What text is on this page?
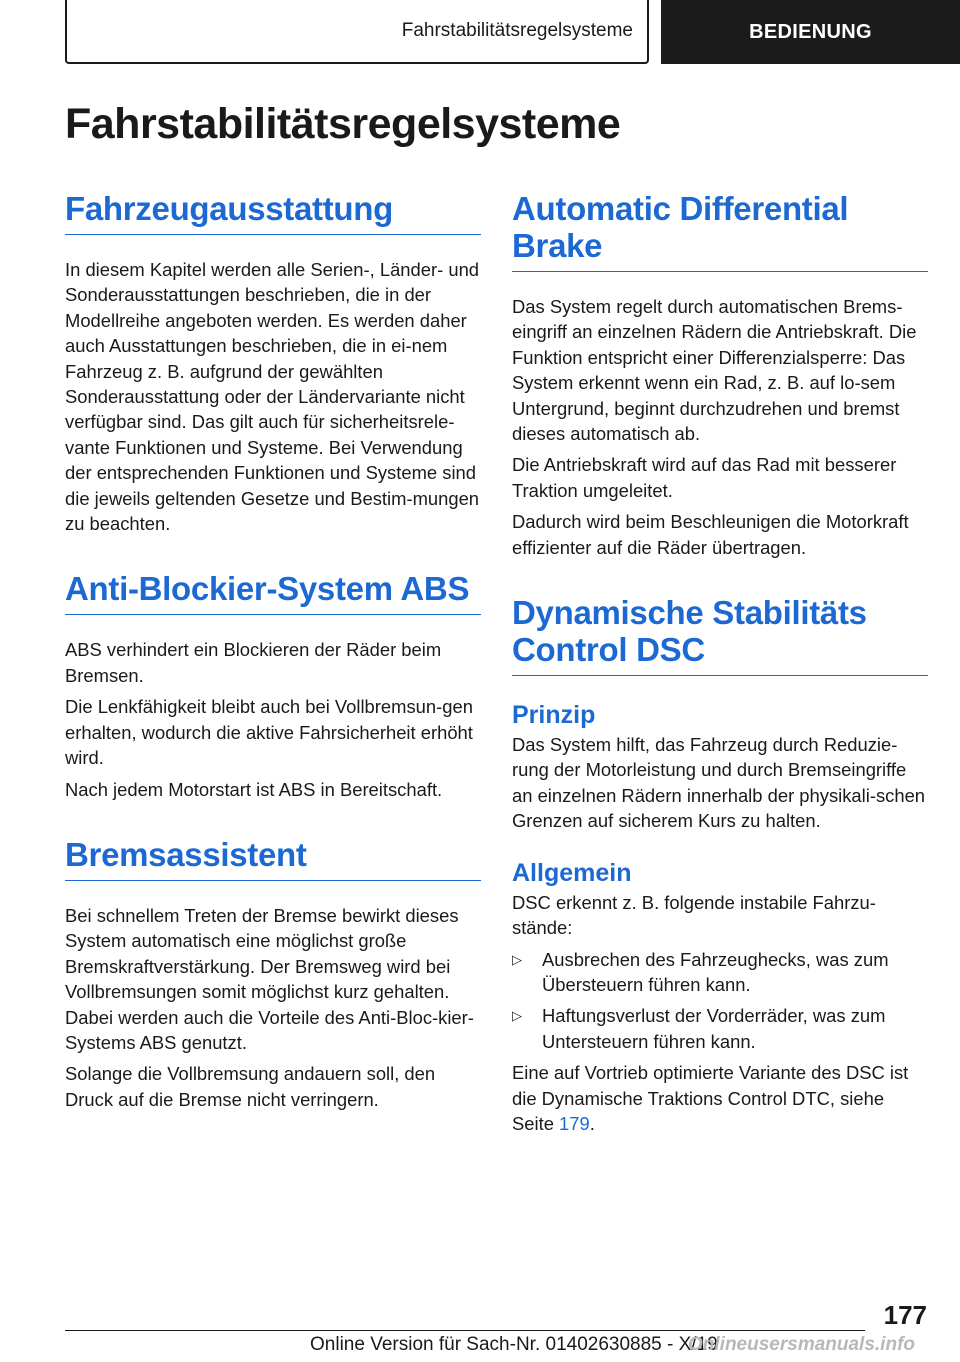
Fahrstabilitätsregelsysteme	BEDIENUNG
Fahrstabilitätsregelsysteme
Fahrzeugausstattung

In diesem Kapitel werden alle Serien-, Länder- und Sonderausstattungen beschrieben, die in der Modellreihe angeboten werden. Es werden daher auch Ausstattungen beschrieben, die in ei-nem Fahrzeug z. B. aufgrund der gewählten Sonderausstattung oder der Ländervariante nicht verfügbar sind. Das gilt auch für sicherheitsrele-vante Funktionen und Systeme. Bei Verwendung der entsprechenden Funktionen und Systeme sind die jeweils geltenden Gesetze und Bestim-mungen zu beachten.

Anti-Blockier-System ABS

ABS verhindert ein Blockieren der Räder beim Bremsen.

Die Lenkfähigkeit bleibt auch bei Vollbremsun-gen erhalten, wodurch die aktive Fahrsicherheit erhöht wird.

Nach jedem Motorstart ist ABS in Bereitschaft.

Bremsassistent

Bei schnellem Treten der Bremse bewirkt dieses System automatisch eine möglichst große Bremskraftverstärkung. Der Bremsweg wird bei Vollbremsungen somit möglichst kurz gehalten. Dabei werden auch die Vorteile des Anti-Bloc-kier-Systems ABS genutzt.

Solange die Vollbremsung andauern soll, den Druck auf die Bremse nicht verringern.

Automatic Differential Brake

Das System regelt durch automatischen Brems-eingriff an einzelnen Rädern die Antriebskraft. Die Funktion entspricht einer Differenzialsperre: Das System erkennt wenn ein Rad, z. B. auf lo-sem Untergrund, beginnt durchzudrehen und bremst dieses automatisch ab.

Die Antriebskraft wird auf das Rad mit besserer Traktion umgeleitet.

Dadurch wird beim Beschleunigen die Motorkraft effizienter auf die Räder übertragen.

Dynamische Stabilitäts Control DSC
Prinzip

Das System hilft, das Fahrzeug durch Reduzie-rung der Motorleistung und durch Bremseingriffe an einzelnen Rädern innerhalb der physikali-schen Grenzen auf sicherem Kurs zu halten.

Allgemein

DSC erkennt z. B. folgende instabile Fahrzu-stände:

▷	Ausbrechen des Fahrzeughecks, was zum Übersteuern führen kann.

▷	Haftungsverlust der Vorderräder, was zum Untersteuern führen kann.

Eine auf Vortrieb optimierte Variante des DSC ist die Dynamische Traktions Control DTC, siehe Seite 179.

177
Online Version für Sach-Nr. 01402630885 - X/19
Onlineusersmanuals.info
